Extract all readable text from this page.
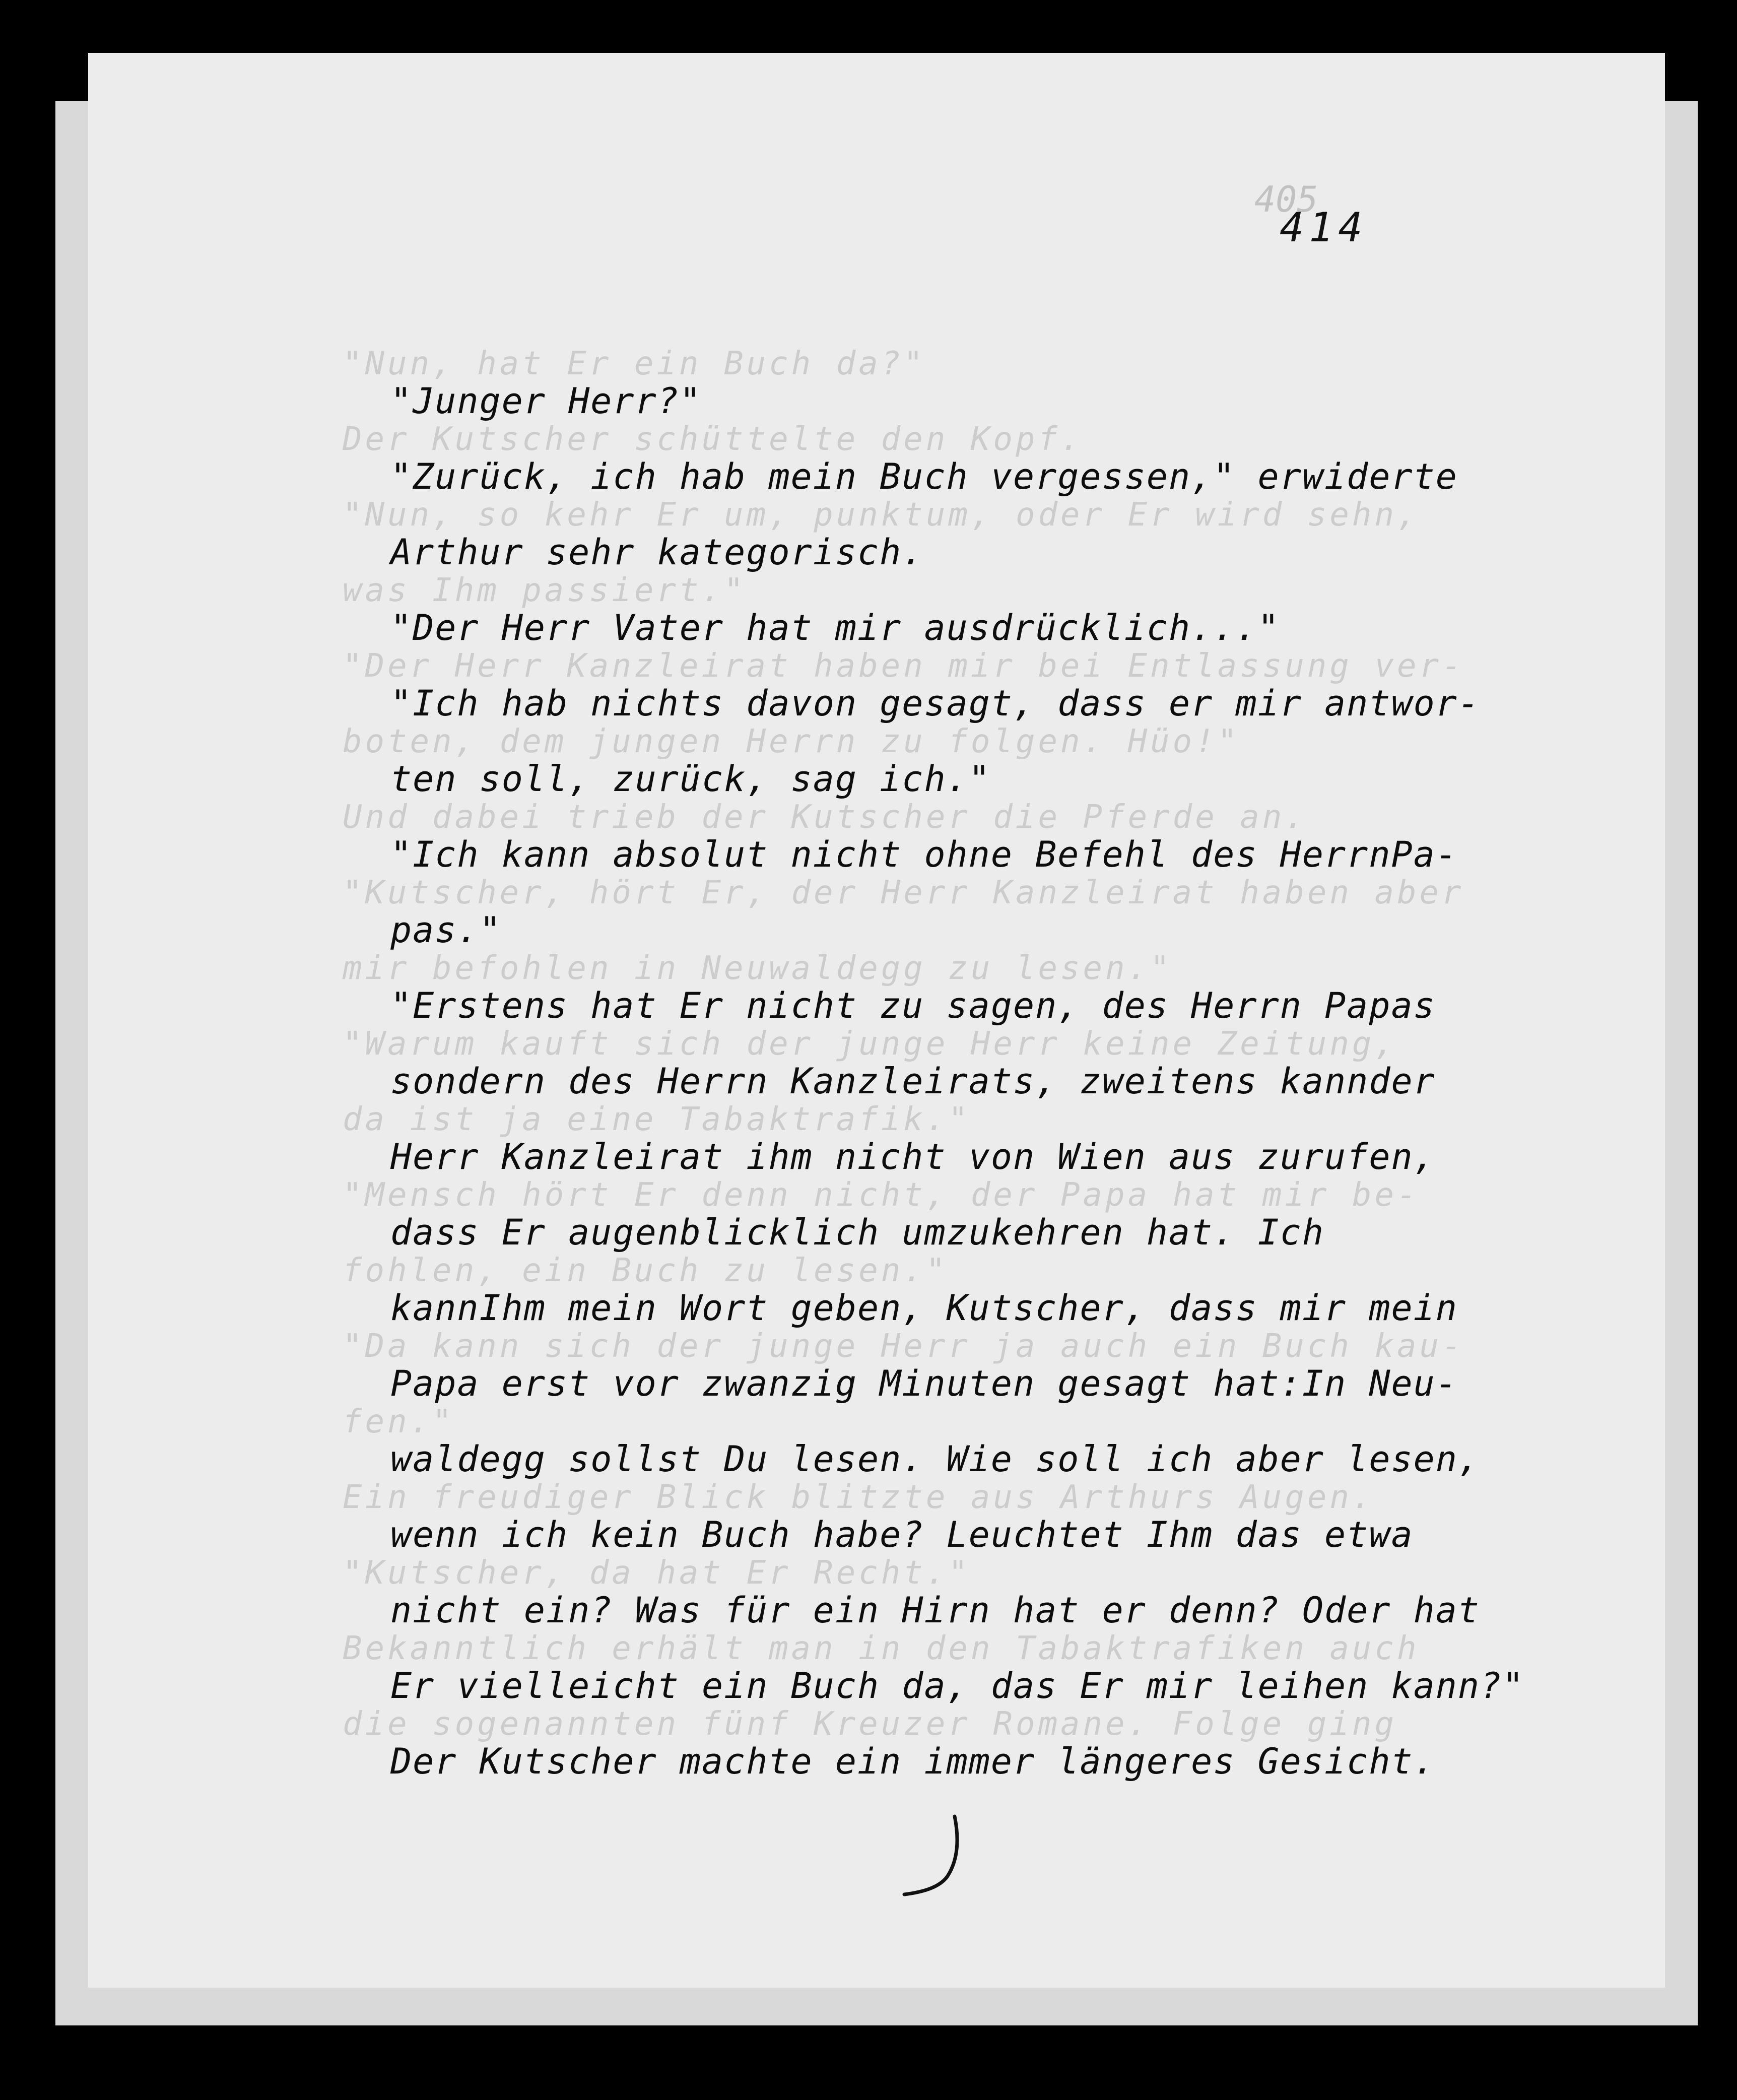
"Nun, hat Er ein Buch da?"
Der Kutscher schüttelte den Kopf.
"Nun, so kehr Er um, punktum, oder Er wird sehn,
was Ihm passiert."
"Der Herr Kanzleirat haben mir bei Entlassung ver-
boten, dem jungen Herrn zu folgen. Hüo!"
Und dabei trieb der Kutscher die Pferde an.
"Kutscher, hört Er, der Herr Kanzleirat haben aber
mir befohlen in Neuwaldegg zu lesen."
"Warum kauft sich der junge Herr keine Zeitung,
da ist ja eine Tabaktrafik."
"Mensch hört Er denn nicht, der Papa hat mir be-
fohlen, ein Buch zu lesen."
"Da kann sich der junge Herr ja auch ein Buch kau-
fen."
Ein freudiger Blick blitzte aus Arthurs Augen.
"Kutscher, da hat Er Recht."
Bekanntlich erhält man in den Tabaktrafiken auch
die sogenannten fünf Kreuzer Romane. Folge ging
405
414
"Junger Herr?"
"Zurück, ich hab mein Buch vergessen," erwiderte
Arthur sehr kategorisch.
"Der Herr Vater hat mir ausdrücklich..."
"Ich hab nichts davon gesagt, dass er mir antwor-
ten soll, zurück, sag ich."
"Ich kann absolut nicht ohne Befehl des HerrnPa-
pas."
"Erstens hat Er nicht zu sagen, des Herrn Papas
sondern des Herrn Kanzleirats, zweitens kannder
Herr Kanzleirat ihm nicht von Wien aus zurufen,
dass Er augenblicklich umzukehren hat. Ich
kannIhm mein Wort geben, Kutscher, dass mir mein
Papa erst vor zwanzig Minuten gesagt hat:In Neu-
waldegg sollst Du lesen. Wie soll ich aber lesen,
wenn ich kein Buch habe? Leuchtet Ihm das etwa
nicht ein? Was für ein Hirn hat er denn? Oder hat
Er vielleicht ein Buch da, das Er mir leihen kann?"
Der Kutscher machte ein immer längeres Gesicht.
